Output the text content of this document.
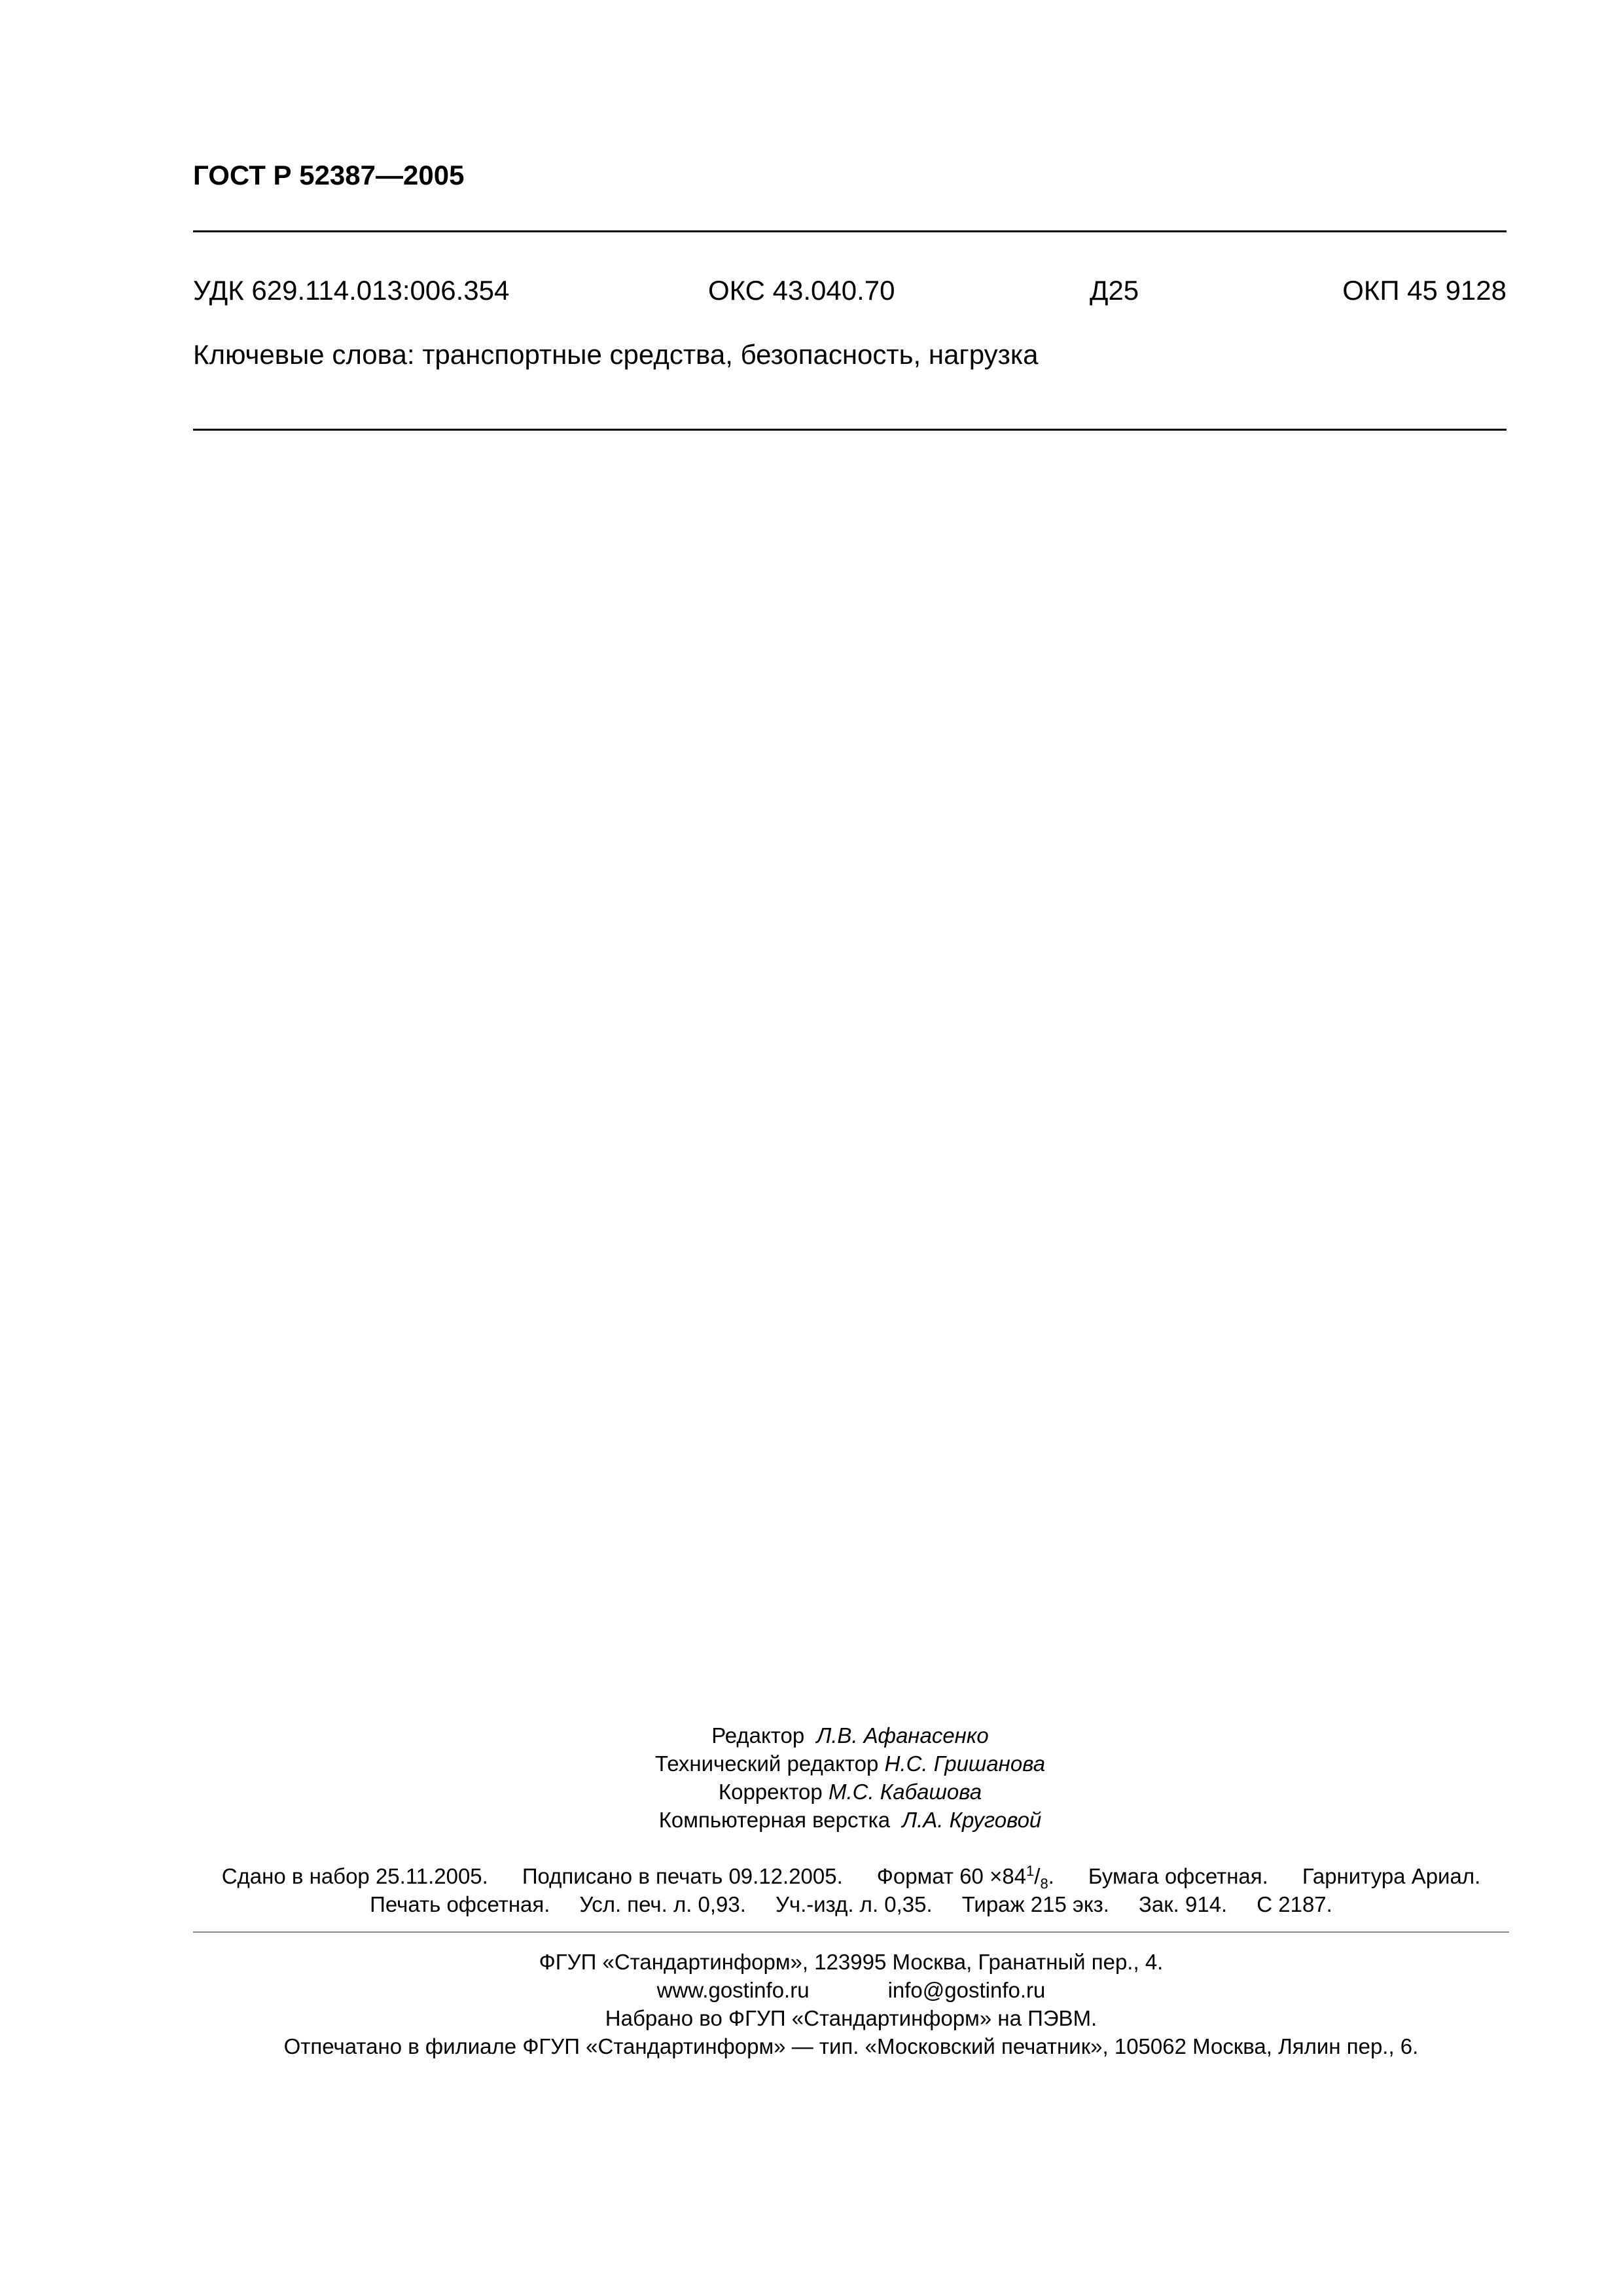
ГОСТ Р 52387—2005
УДК 629.114.013:006.354	ОКС 43.040.70	Д25	ОКП 45 9128
Ключевые слова: транспортные средства, безопасность, нагрузка
Редактор Л.В. Афанасенко
Технический редактор Н.С. Гришанова
Корректор М.С. Кабашова
Компьютерная верстка Л.А. Круговой
Сдано в набор 25.11.2005. Подписано в печать 09.12.2005. Формат $60 \times 84^1/_8$. Бумага офсетная. Гарнитура Ариал.
Печать офсетная. Усл. печ. л. 0,93. Уч.-изд. л. 0,35. Тираж 215 экз. Зак. 914. С 2187.
ФГУП «Стандартинформ», 123995 Москва, Гранатный пер., 4.
www.gostinfo.ru	info@gostinfo.ru
Набрано во ФГУП «Стандартинформ» на ПЭВМ.
Отпечатано в филиале ФГУП «Стандартинформ» — тип. «Московский печатник», 105062 Москва, Лялин пер., 6.
